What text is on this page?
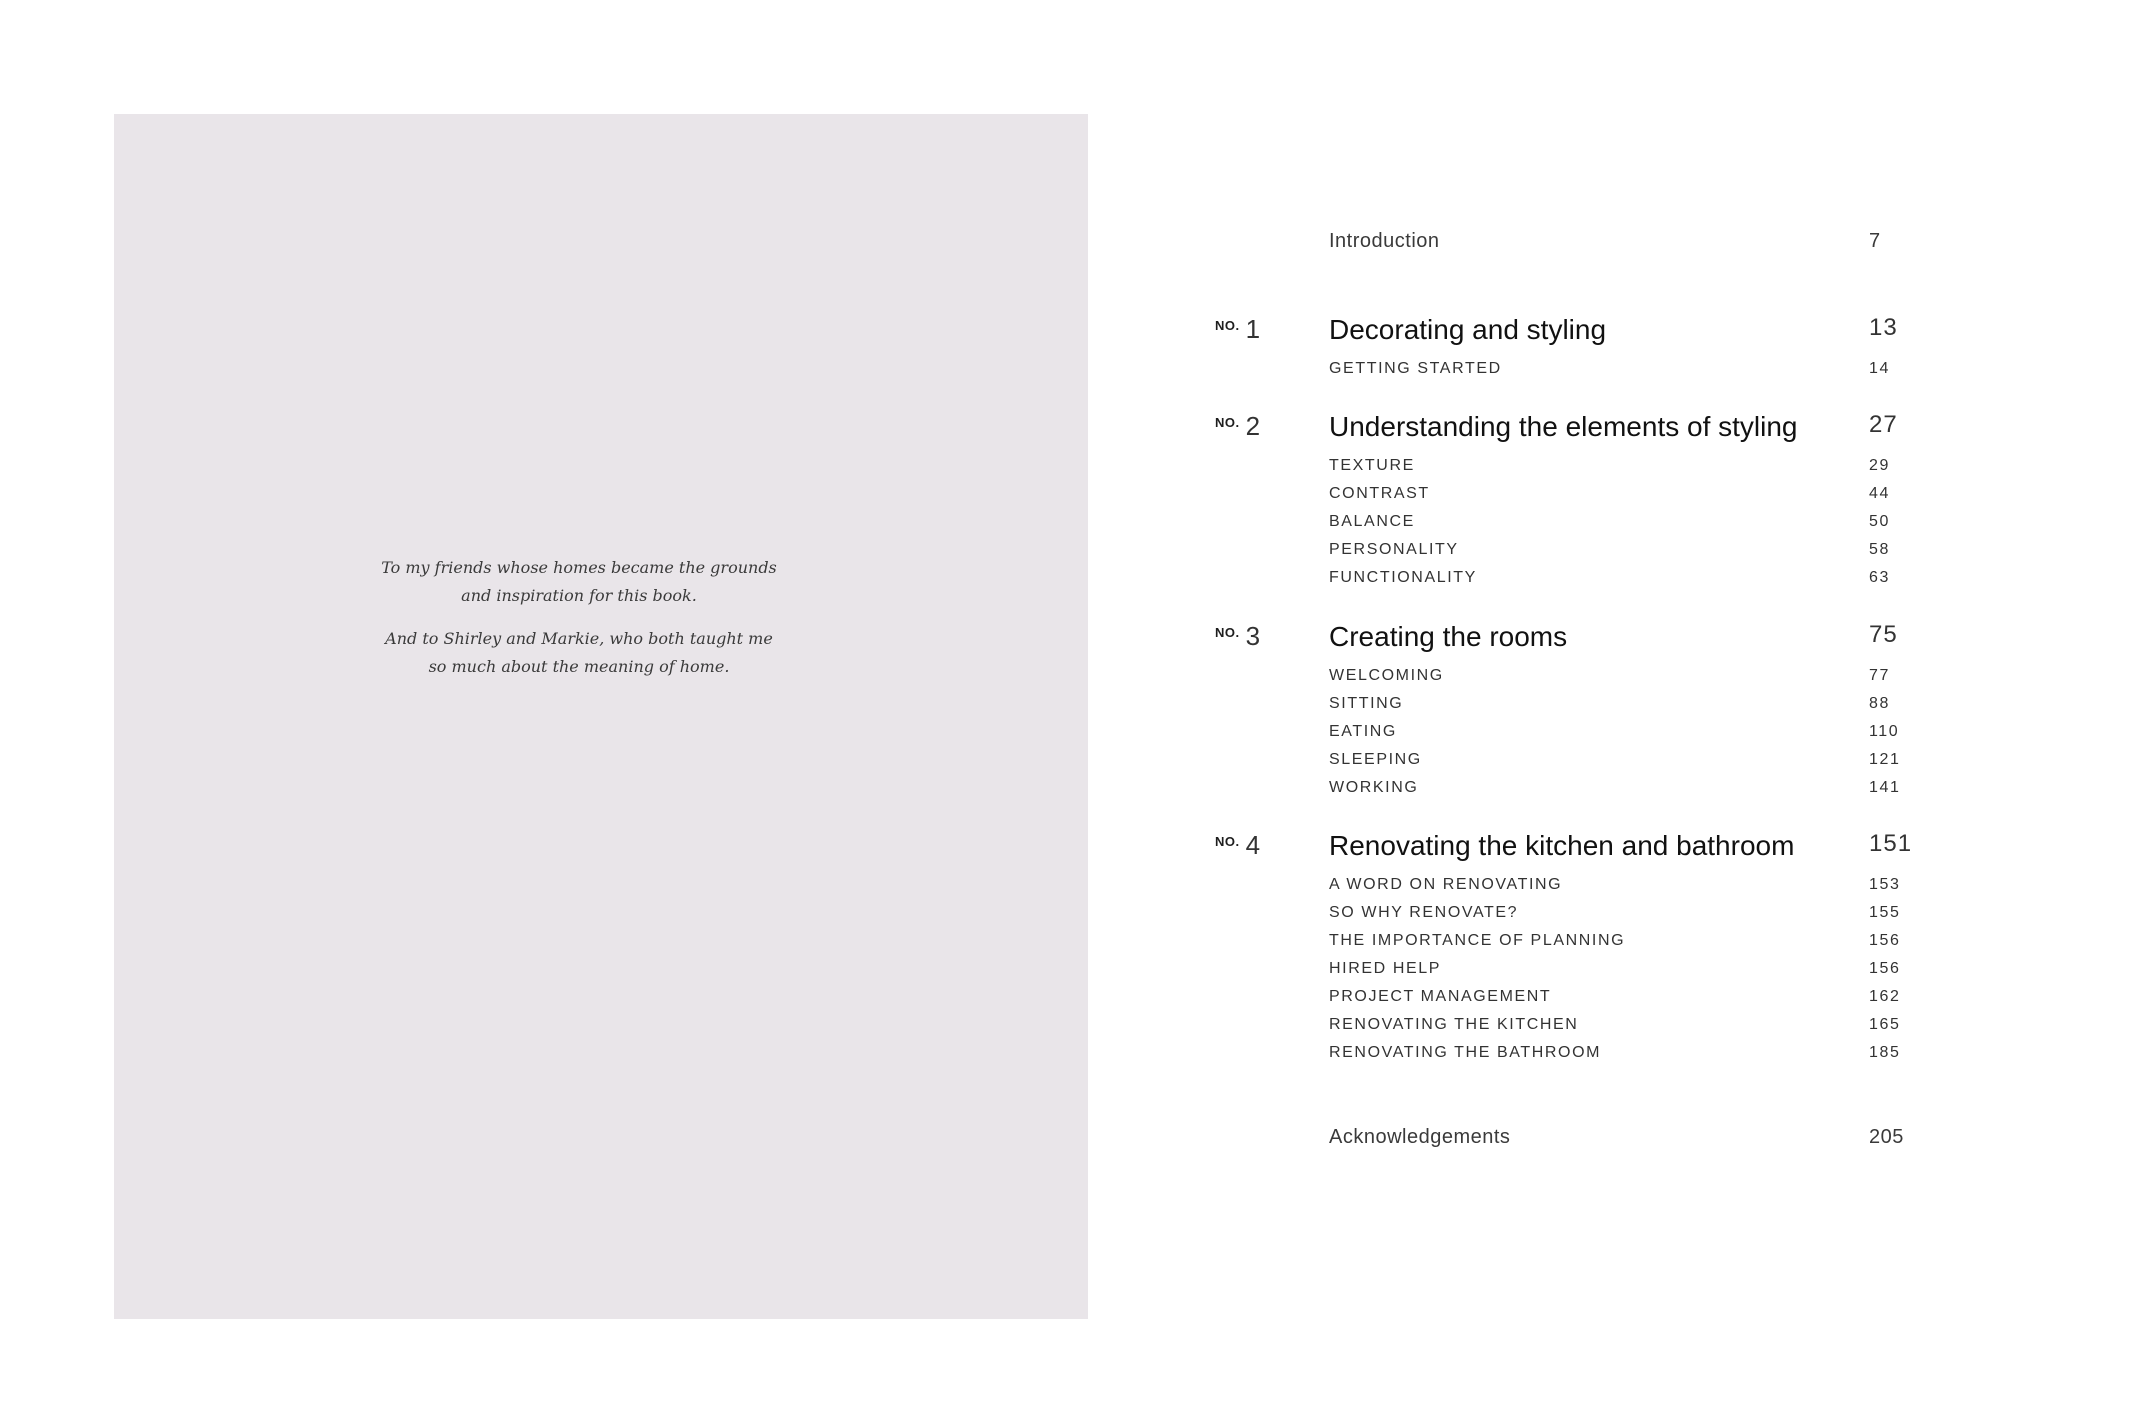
To my friends whose homes became the grounds
and inspiration for this book.
And to Shirley and Markie, who both taught me
so much about the meaning of home.
Introduction	7
$^{NO.}$ 1 Decorating and styling	13
GETTING STARTED	14
$^{NO.}$ 2 Understanding the elements of styling	27
TEXTURE	29
CONTRAST	44
BALANCE	50
PERSONALITY	58
FUNCTIONALITY	63
$^{NO.}$ 3 Creating the rooms	75
WELCOMING	77
SITTING	88
EATING	110
SLEEPING	121
WORKING	141
$^{NO.}$ 4 Renovating the kitchen and bathroom	151
A WORD ON RENOVATING	153
SO WHY RENOVATE?	155
THE IMPORTANCE OF PLANNING	156
HIRED HELP	156
PROJECT MANAGEMENT	162
RENOVATING THE KITCHEN	165
RENOVATING THE BATHROOM	185
Acknowledgements	205
